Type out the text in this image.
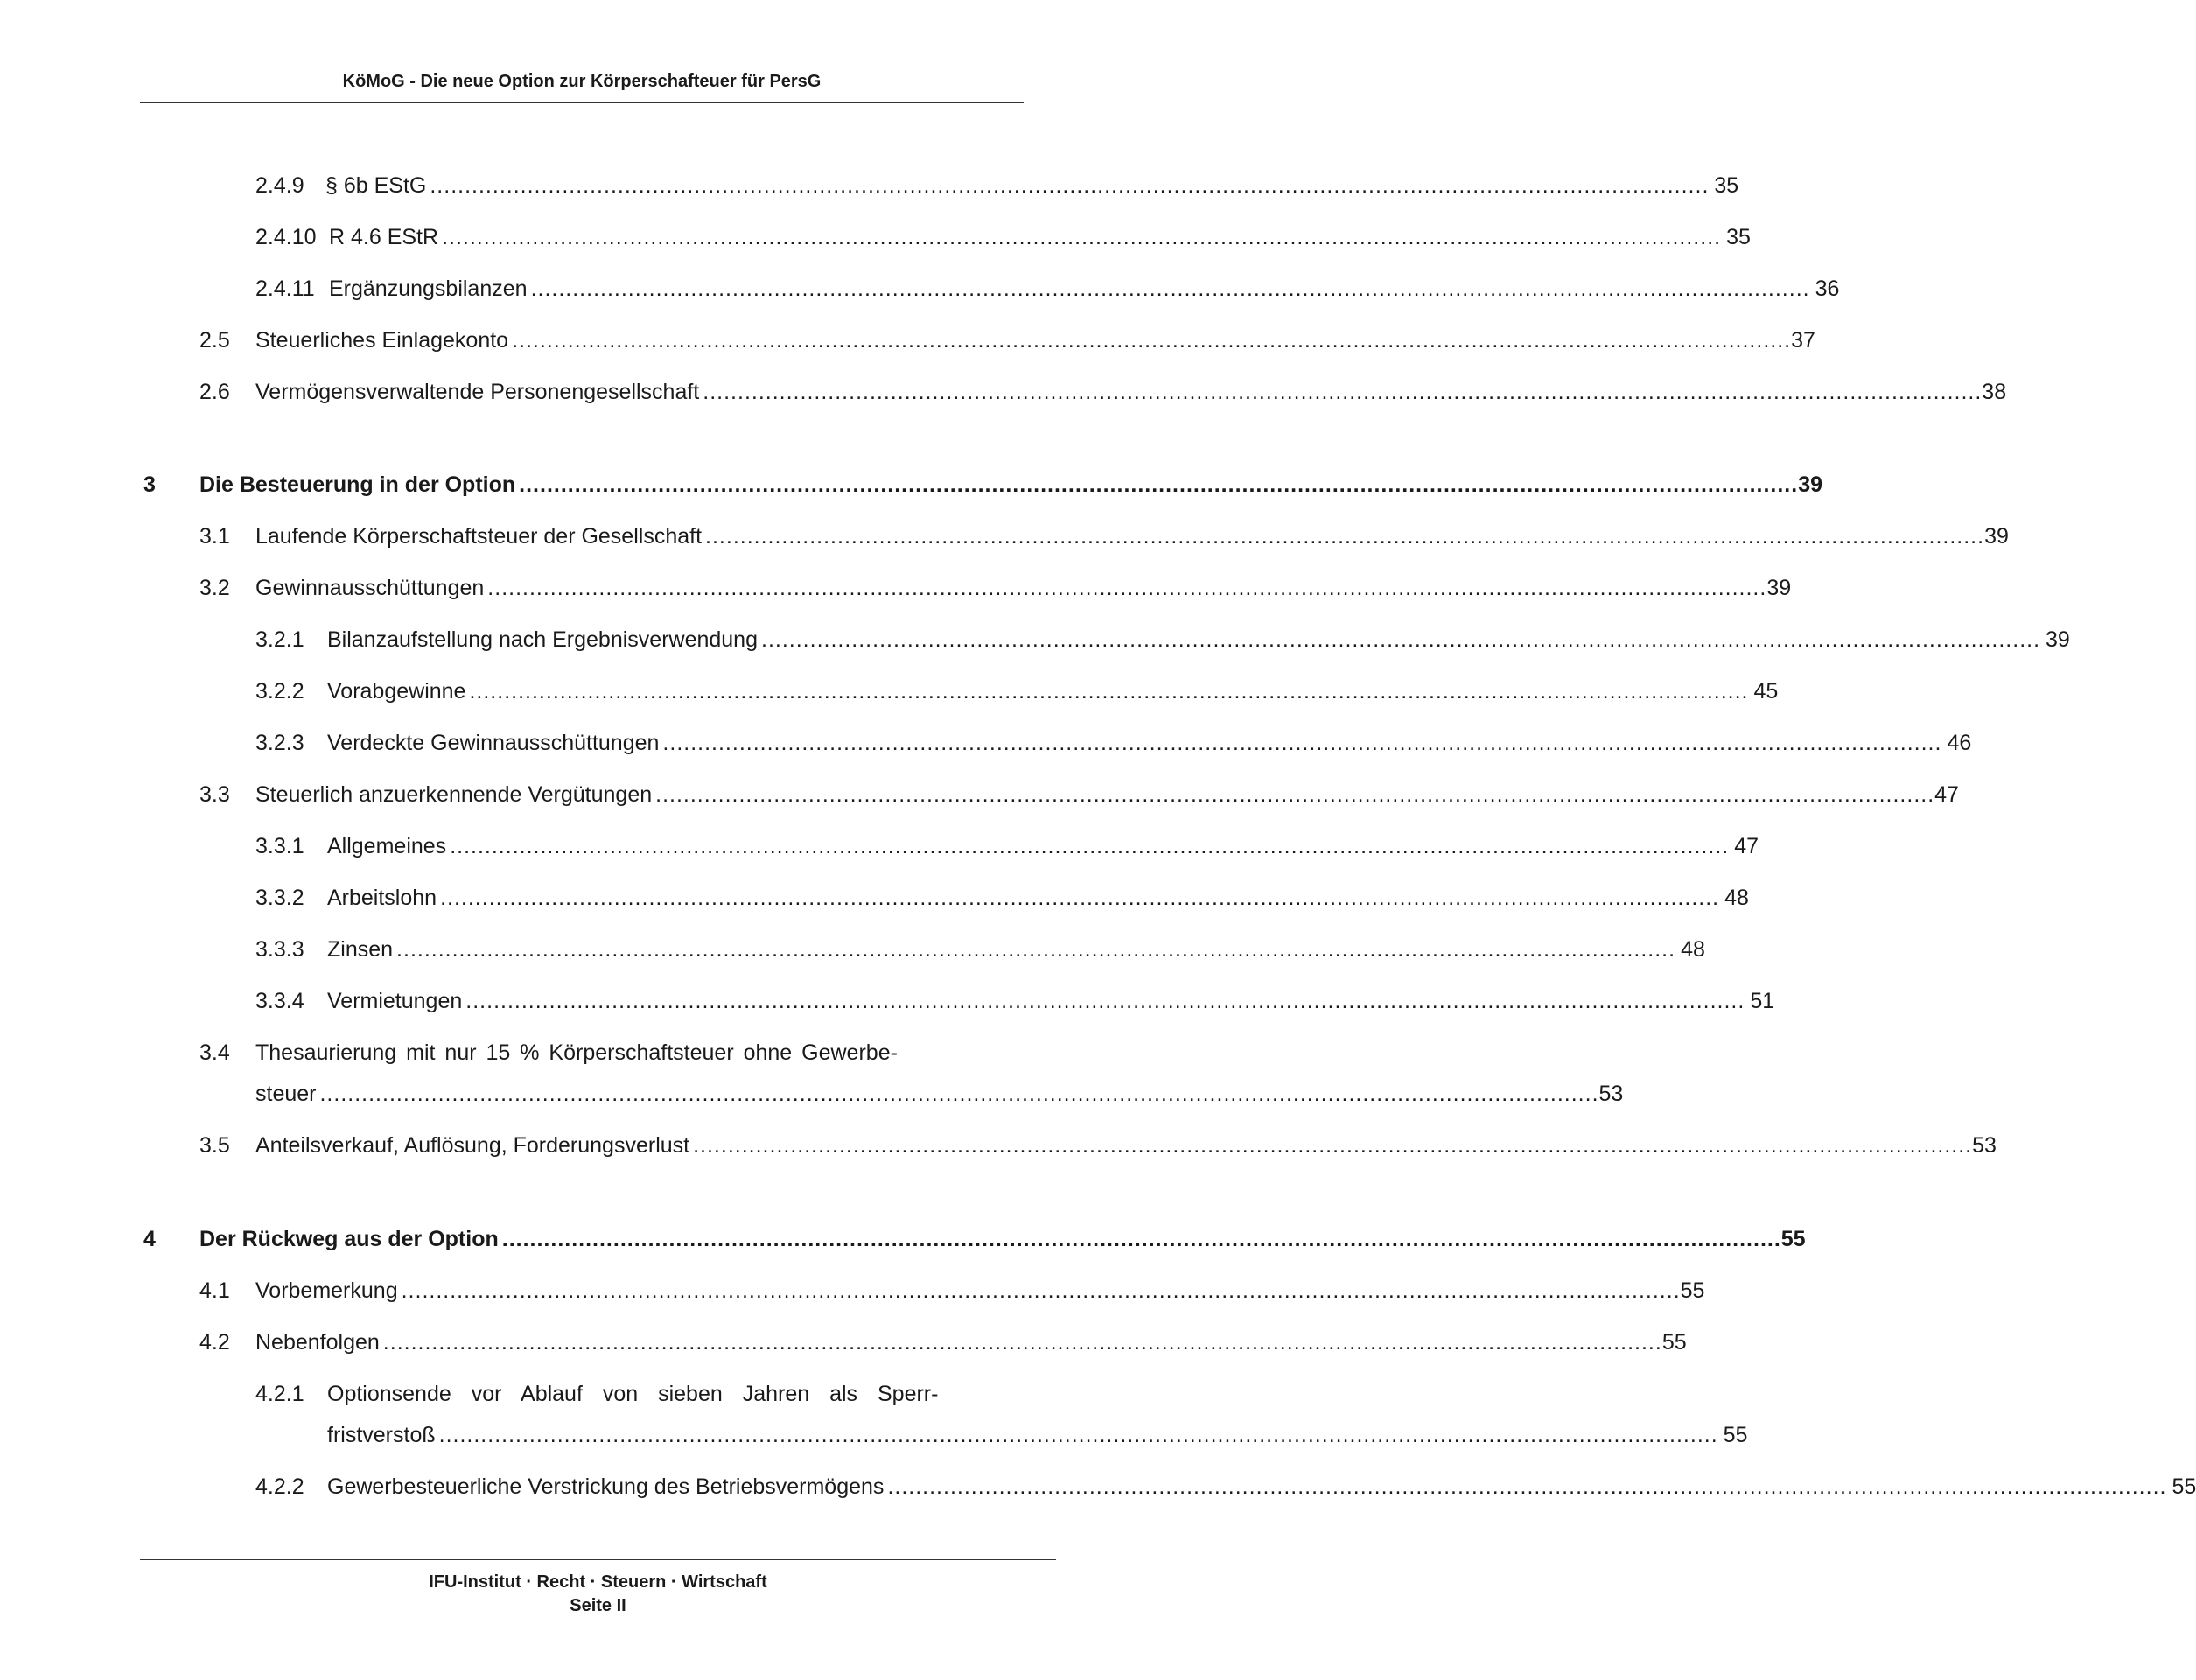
KöMoG - Die neue Option zur Körperschafteuer für PersG
2.4.9 § 6b EStG ........................................................................................................................................................................................ 35
2.4.10 R 4.6 EStR ........................................................................................................................................................................................ 35
2.4.11 Ergänzungsbilanzen ........................................................................................................................................................................................ 36
2.5 Steuerliches Einlagekonto ........................................................................................................................................................................................ 37
2.6 Vermögensverwaltende Personengesellschaft ........................................................................................................................................................................................ 38
3 Die Besteuerung in der Option ........................................................................................................................................................................................ 39
3.1 Laufende Körperschaftsteuer der Gesellschaft ........................................................................................................................................................................................ 39
3.2 Gewinnausschüttungen ........................................................................................................................................................................................ 39
3.2.1 Bilanzaufstellung nach Ergebnisverwendung ........................................................................................................................................................................................ 39
3.2.2 Vorabgewinne ........................................................................................................................................................................................ 45
3.2.3 Verdeckte Gewinnausschüttungen ........................................................................................................................................................................................ 46
3.3 Steuerlich anzuerkennende Vergütungen ........................................................................................................................................................................................ 47
3.3.1 Allgemeines ........................................................................................................................................................................................ 47
3.3.2 Arbeitslohn ........................................................................................................................................................................................ 48
3.3.3 Zinsen ........................................................................................................................................................................................ 48
3.3.4 Vermietungen ........................................................................................................................................................................................ 51
3.4 Thesaurierung mit nur 15 % Körperschaftsteuer ohne Gewerbe-
steuer ........................................................................................................................................................................................ 53
3.5 Anteilsverkauf, Auflösung, Forderungsverlust ........................................................................................................................................................................................ 53
4 Der Rückweg aus der Option ........................................................................................................................................................................................ 55
4.1 Vorbemerkung ........................................................................................................................................................................................ 55
4.2 Nebenfolgen ........................................................................................................................................................................................ 55
4.2.1 Optionsende vor Ablauf von sieben Jahren als Sperr-
fristverstoß ........................................................................................................................................................................................ 55
4.2.2 Gewerbesteuerliche Verstrickung des Betriebsvermögens ........................................................................................................................................................................................ 55
IFU-Institut · Recht · Steuern · Wirtschaft
Seite II
